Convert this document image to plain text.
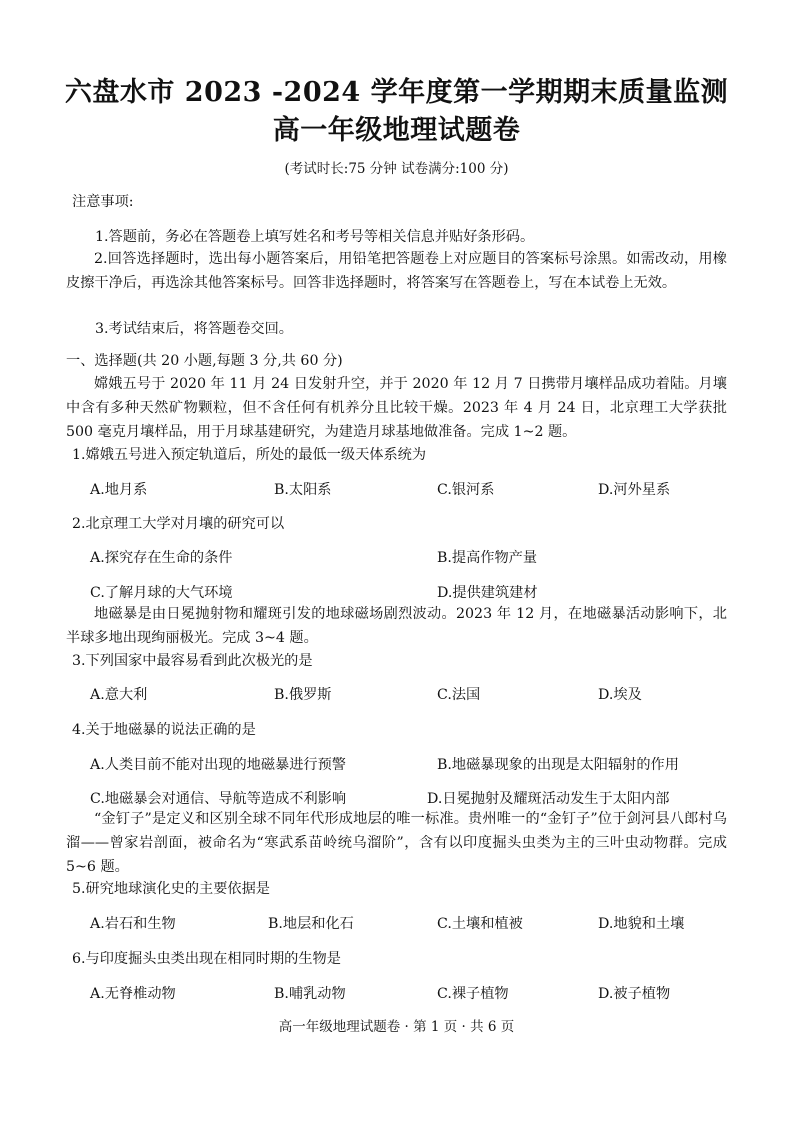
六盘水市 2023 -2024 学年度第一学期期末质量监测
高一年级地理试题卷
(考试时长:75 分钟 试卷满分:100 分)
注意事项:
1.答题前，务必在答题卷上填写姓名和考号等相关信息并贴好条形码。
2.回答选择题时，选出每小题答案后，用铅笔把答题卷上对应题目的答案标号涂黑。如需改动，用橡皮擦干净后，再选涂其他答案标号。回答非选择题时，将答案写在答题卷上，写在本试卷上无效。
3.考试结束后，将答题卷交回。
一、选择题(共 20 小题,每题 3 分,共 60 分)
嫦娥五号于 2020 年 11 月 24 日发射升空，并于 2020 年 12 月 7 日携带月壤样品成功着陆。月壤中含有多种天然矿物颗粒，但不含任何有机养分且比较干燥。2023 年 4 月 24 日，北京理工大学获批 500 毫克月壤样品，用于月球基建研究，为建造月球基地做准备。完成 1~2 题。
1.嫦娥五号进入预定轨道后，所处的最低一级天体系统为
A.地月系	B.太阳系	C.银河系	D.河外星系
2.北京理工大学对月壤的研究可以
A.探究存在生命的条件	B.提高作物产量
C.了解月球的大气环境	D.提供建筑建材
地磁暴是由日冕抛射物和耀斑引发的地球磁场剧烈波动。2023 年 12 月，在地磁暴活动影响下，北半球多地出现绚丽极光。完成 3~4 题。
3.下列国家中最容易看到此次极光的是
A.意大利	B.俄罗斯	C.法国	D.埃及
4.关于地磁暴的说法正确的是
A.人类目前不能对出现的地磁暴进行预警	B.地磁暴现象的出现是太阳辐射的作用
C.地磁暴会对通信、导航等造成不利影响	D.日冕抛射及耀斑活动发生于太阳内部
“金钉子”是定义和区别全球不同年代形成地层的唯一标准。贵州唯一的“金钉子”位于剑河县八郎村乌溜——曾家岩剖面，被命名为“寒武系苗岭统乌溜阶”，含有以印度掘头虫类为主的三叶虫动物群。完成 5~6 题。
5.研究地球演化史的主要依据是
A.岩石和生物	B.地层和化石	C.土壤和植被	D.地貌和土壤
6.与印度掘头虫类出现在相同时期的生物是
A.无脊椎动物	B.哺乳动物	C.裸子植物	D.被子植物
高一年级地理试题卷 · 第 1 页 · 共 6 页
